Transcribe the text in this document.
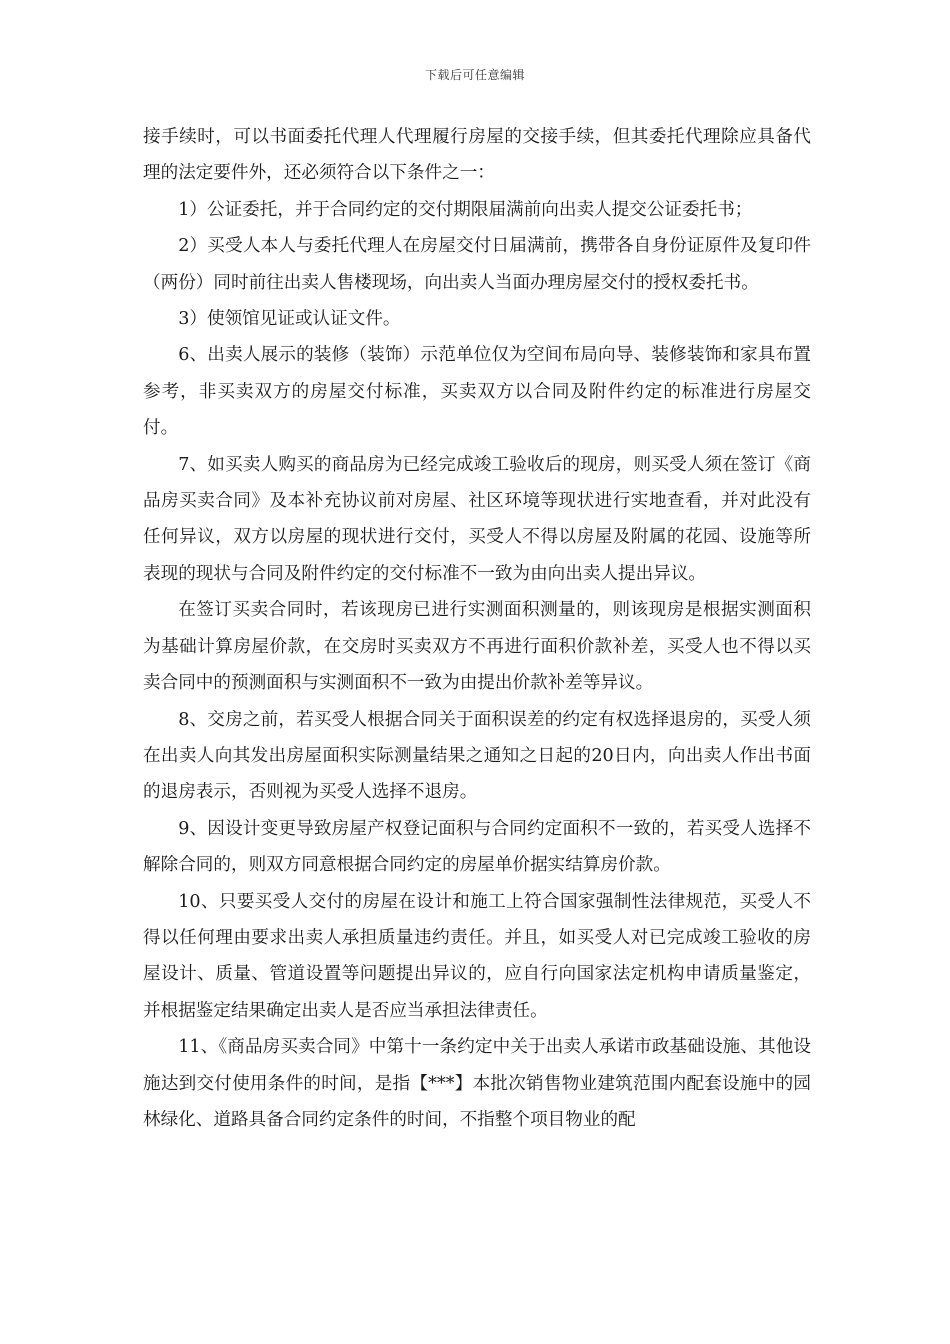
下载后可任意编辑

接手续时，可以书面委托代理人代理履行房屋的交接手续，但其委托代理除应具备代理的法定要件外，还必须符合以下条件之一：

1）公证委托，并于合同约定的交付期限届满前向出卖人提交公证委托书；

2）买受人本人与委托代理人在房屋交付日届满前，携带各自身份证原件及复印件（两份）同时前往出卖人售楼现场，向出卖人当面办理房屋交付的授权委托书。

3）使领馆见证或认证文件。

6、出卖人展示的装修（装饰）示范单位仅为空间布局向导、装修装饰和家具布置参考，非买卖双方的房屋交付标准，买卖双方以合同及附件约定的标准进行房屋交付。

7、如买卖人购买的商品房为已经完成竣工验收后的现房，则买受人须在签订《商品房买卖合同》及本补充协议前对房屋、社区环境等现状进行实地查看，并对此没有任何异议，双方以房屋的现状进行交付，买受人不得以房屋及附属的花园、设施等所表现的现状与合同及附件约定的交付标准不一致为由向出卖人提出异议。

在签订买卖合同时，若该现房已进行实测面积测量的，则该现房是根据实测面积为基础计算房屋价款，在交房时买卖双方不再进行面积价款补差，买受人也不得以买卖合同中的预测面积与实测面积不一致为由提出价款补差等异议。

8、交房之前，若买受人根据合同关于面积误差的约定有权选择退房的，买受人须在出卖人向其发出房屋面积实际测量结果之通知之日起的20日内，向出卖人作出书面的退房表示，否则视为买受人选择不退房。

9、因设计变更导致房屋产权登记面积与合同约定面积不一致的，若买受人选择不解除合同的，则双方同意根据合同约定的房屋单价据实结算房价款。

10、只要买受人交付的房屋在设计和施工上符合国家强制性法律规范，买受人不得以任何理由要求出卖人承担质量违约责任。并且，如买受人对已完成竣工验收的房屋设计、质量、管道设置等问题提出异议的，应自行向国家法定机构申请质量鉴定，并根据鉴定结果确定出卖人是否应当承担法律责任。

11、《商品房买卖合同》中第十一条约定中关于出卖人承诺市政基础设施、其他设施达到交付使用条件的时间，是指【***】本批次销售物业建筑范围内配套设施中的园林绿化、道路具备合同约定条件的时间，不指整个项目物业的配
